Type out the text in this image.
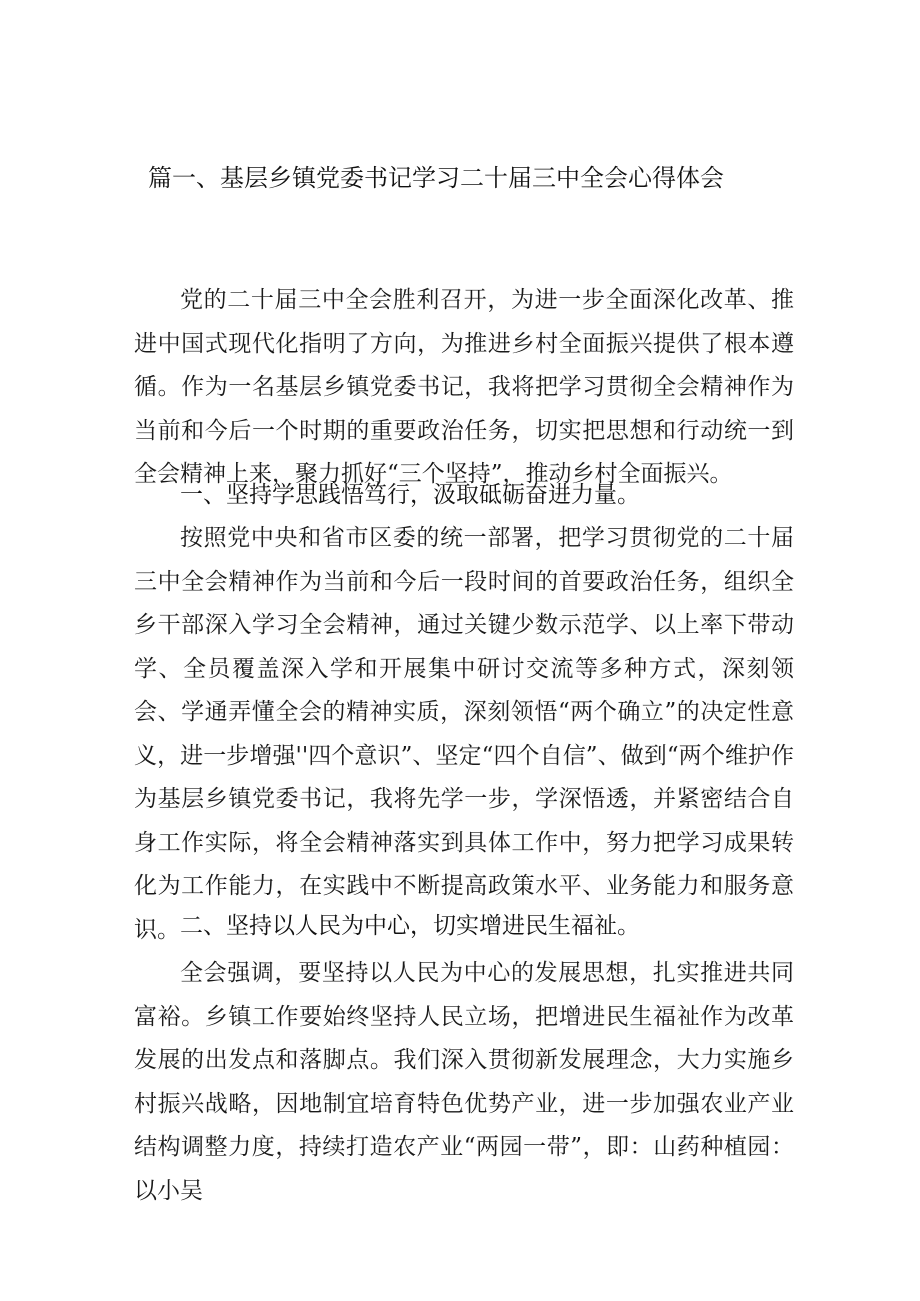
篇一、基层乡镇党委书记学习二十届三中全会心得体会

党的二十届三中全会胜利召开，为进一步全面深化改革、推进中国式现代化指明了方向，为推进乡村全面振兴提供了根本遵循。作为一名基层乡镇党委书记，我将把学习贯彻全会精神作为当前和今后一个时期的重要政治任务，切实把思想和行动统一到全会精神上来，聚力抓好“三个坚持”，推动乡村全面振兴。

一、坚持学思践悟笃行，汲取砥砺奋进力量。

按照党中央和省市区委的统一部署，把学习贯彻党的二十届三中全会精神作为当前和今后一段时间的首要政治任务，组织全乡干部深入学习全会精神，通过关键少数示范学、以上率下带动学、全员覆盖深入学和开展集中研讨交流等多种方式，深刻领会、学通弄懂全会的精神实质，深刻领悟“两个确立”的决定性意义，进一步增强''四个意识”、坚定“四个自信”、做到“两个维护作为基层乡镇党委书记，我将先学一步，学深悟透，并紧密结合自身工作实际，将全会精神落实到具体工作中，努力把学习成果转化为工作能力，在实践中不断提高政策水平、业务能力和服务意识。 二、坚持以人民为中心，切实增进民生福祉。

全会强调，要坚持以人民为中心的发展思想，扎实推进共同富裕。乡镇工作要始终坚持人民立场，把增进民生福祉作为改革发展的出发点和落脚点。我们深入贯彻新发展理念，大力实施乡村振兴战略，因地制宜培育特色优势产业，进一步加强农业产业结构调整力度，持续打造农产业“两园一带”，即：山药种植园：以小吴
